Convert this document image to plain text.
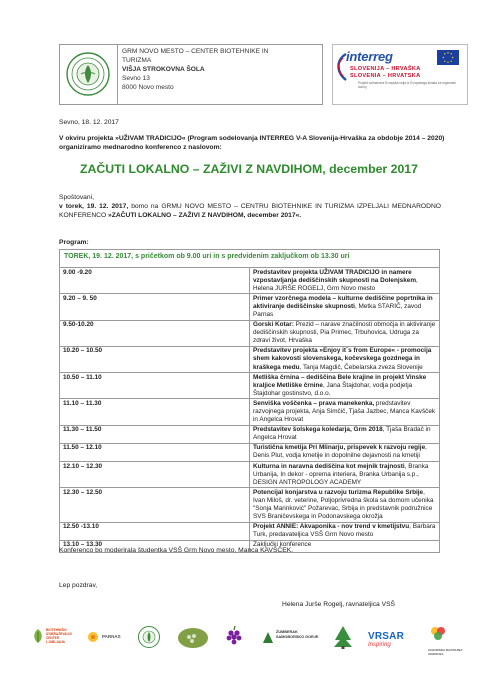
GRM NOVO MESTO – CENTER BIOTEHNIKE IN
TURIZMA
VIŠJA STROKOVNA ŠOLA
Sevno 13
8000 Novo mesto
interreg
SLOVENIJA – HRVAŠKA
SLOVENIA – HRVATSKA
Projekt sofinancira Evropska unija iz Evropskega sklada za regionalni razvoj
Sevno, 18. 12. 2017
V okviru projekta »UŽIVAM TRADICIJO« (Program sodelovanja INTERREG V-A Slovenija-Hrvaška za obdobje 2014 – 2020) organiziramo mednarodno konferenco z naslovom:
ZAČUTI LOKALNO – ZAŽIVI Z NAVDIHOM, december 2017
Spoštovani,
v torek, 19. 12. 2017, bomo na GRMU NOVO MESTO – CENTRU BIOTEHNIKE IN TURIZMA IZPELJALI MEDNARODNO KONFERENCO »ZAČUTI LOKALNO – ZAŽIVI Z NAVDIHOM, december 2017«.
Program:
TOREK, 19. 12. 2017, s pričetkom ob 9.00 uri in s predvidenim zaključkom ob 13.30 uri	
9.00 -9.20	Predstavitev projekta UŽIVAM TRADICIJO in namere vzpostavljanja dediščinskih skupnosti na Dolenjskem, Helena JURŠE ROGELJ, Grm Novo mesto
9.20 – 9. 50	Primer vzorčnega modela – kulturne dediščine poprtnika in aktiviranje dediščinske skupnosti, Metka STARIČ, zavod Parnas
9.50-10.20	Gorski Kotar: Prezid – narave značilnosti območja in aktiviranje dediščinskih skupnosti, Pia Primec, Trbuhovica, Udruga za zdravi život, Hrvaška
10.20 – 10.50	Predstavitev projekta »Enjoy it`s from Europe« - promocija shem kakovosti slovenskega, kočevskega gozdnega in kraškega medu, Tanja Magdič, Čebelarska zveza Slovenije
10.50 – 11.10	Metliška črnina – dediščina Bele krajine in projekt Vinske kraljice Metliške črnine, Jana Štajdohar, vodja podjetja Štajdohar gostinstvo, d.o.o.
11.10 – 11.30	Senviška voščenka – prava manekenka, predstavitev razvojnega projekta, Anja Simčič, Tjaša Jazbec, Manca Kavšček in Angelca Hrovat
11.30 – 11.50	Predstavitev šolskega koledarja, Grm 2018, Tjaša Bradač in Angelca Hrovat
11.50 – 12.10	Turistična kmetija Pri Mlinarju, prispevek k razvoju regije, Denis Plut, vodja kmetije in dopolnilne dejavnosti na kmetiji
12.10 – 12.30	Kulturna in naravna dediščina kot mejnik trajnosti, Branka Urbanija, In dekor - oprema interiera, Branka Urbanija s.p., DESIGN ANTROPOLOGY ACADEMY
12.30 – 12.50	Potencijal konjarstva u razvoju turizma Republike Srbije, Ivan Miloš, dr. veterine, Poljoprivredna škola sa domom učenika "Sonja Marinković" Požarevac, Srbija in predstavnik podružnice SVS Braničevskega in Podonavskega okrožja
12.50 -13.10	Projekt ANNIE: Akvaponika - nov trend v kmetijstvu, Barbara Turk, predavateljica VSŠ Grm Novo mesto
13.10 – 13.30	Zaključki konference
Konferenco bo moderirala študentka VSŠ Grm Novo mesto, Manca KAVŠČEK.
Lep pozdrav,
Helena Jurše Rogelj, ravnateljica VSŠ
BIOTEHNIŠKI IZOBRAŽEVALNI CENTER LJUBLJANA
PARNAS
ŽUMBERAK SAMOBORSKO GORJE	VRSAR
Inspiring
ZAGORSKA RAZVOJNA AGENCIJA
